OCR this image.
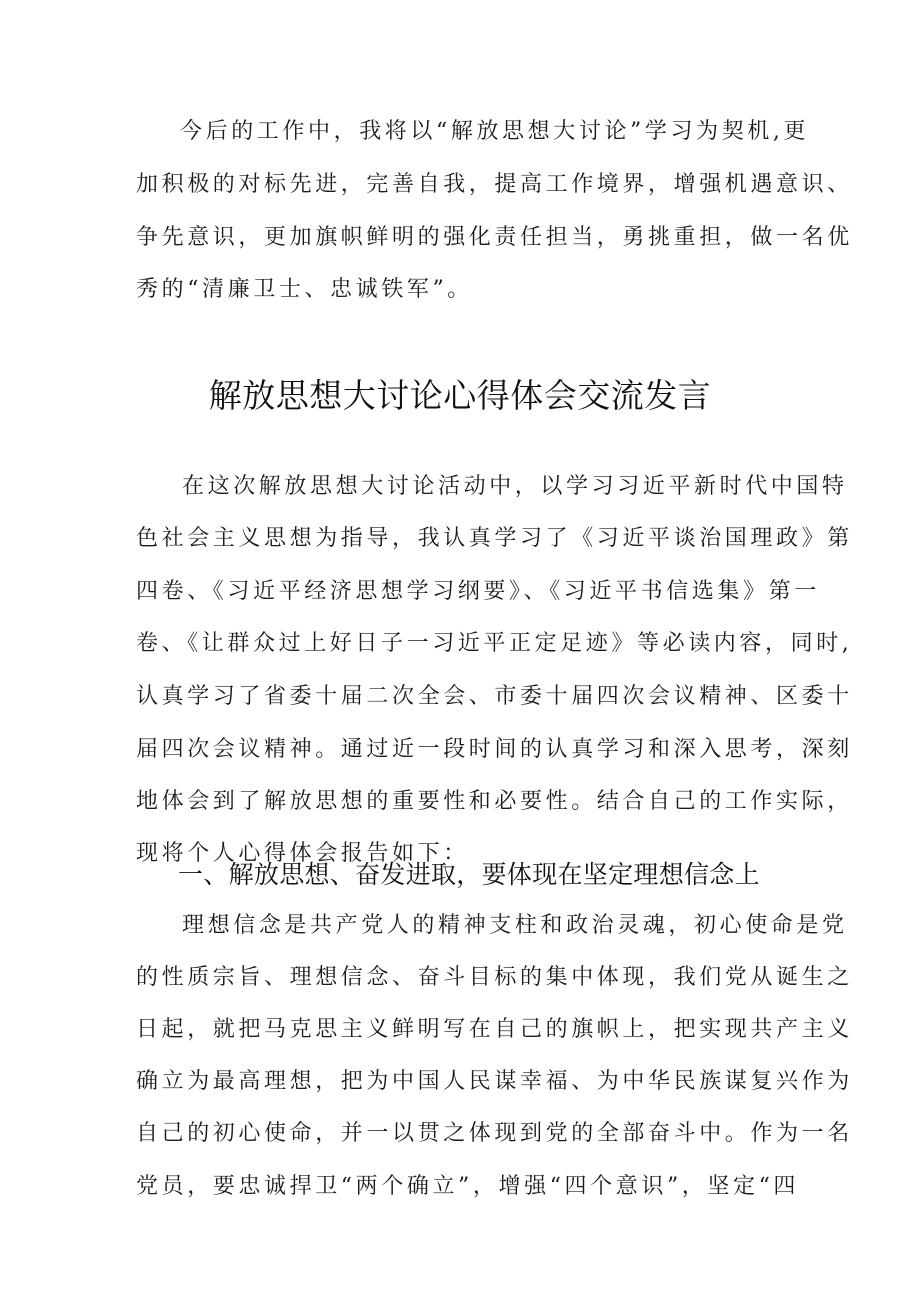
今后的工作中，我将以“解放思想大讨论”学习为契机,更
加积极的对标先进，完善自我，提高工作境界，增强机遇意识、
争先意识，更加旗帜鲜明的强化责任担当，勇挑重担，做一名优
秀的“清廉卫士、忠诚铁军”。
解放思想大讨论心得体会交流发言
在这次解放思想大讨论活动中，以学习习近平新时代中国特
色社会主义思想为指导，我认真学习了《习近平谈治国理政》第
四卷、《习近平经济思想学习纲要》、《习近平书信选集》第一
卷、《让群众过上好日子一习近平正定足迹》等必读内容，同时,
认真学习了省委十届二次全会、市委十届四次会议精神、区委十
届四次会议精神。通过近一段时间的认真学习和深入思考，深刻
地体会到了解放思想的重要性和必要性。结合自己的工作实际，
现将个人心得体会报告如下：
一、解放思想、奋发进取，要体现在坚定理想信念上
理想信念是共产党人的精神支柱和政治灵魂，初心使命是党
的性质宗旨、理想信念、奋斗目标的集中体现，我们党从诞生之
日起，就把马克思主义鲜明写在自己的旗帜上，把实现共产主义
确立为最高理想，把为中国人民谋幸福、为中华民族谋复兴作为
自己的初心使命，并一以贯之体现到党的全部奋斗中。作为一名
党员，要忠诚捍卫“两个确立”，增强“四个意识”，坚定“四
